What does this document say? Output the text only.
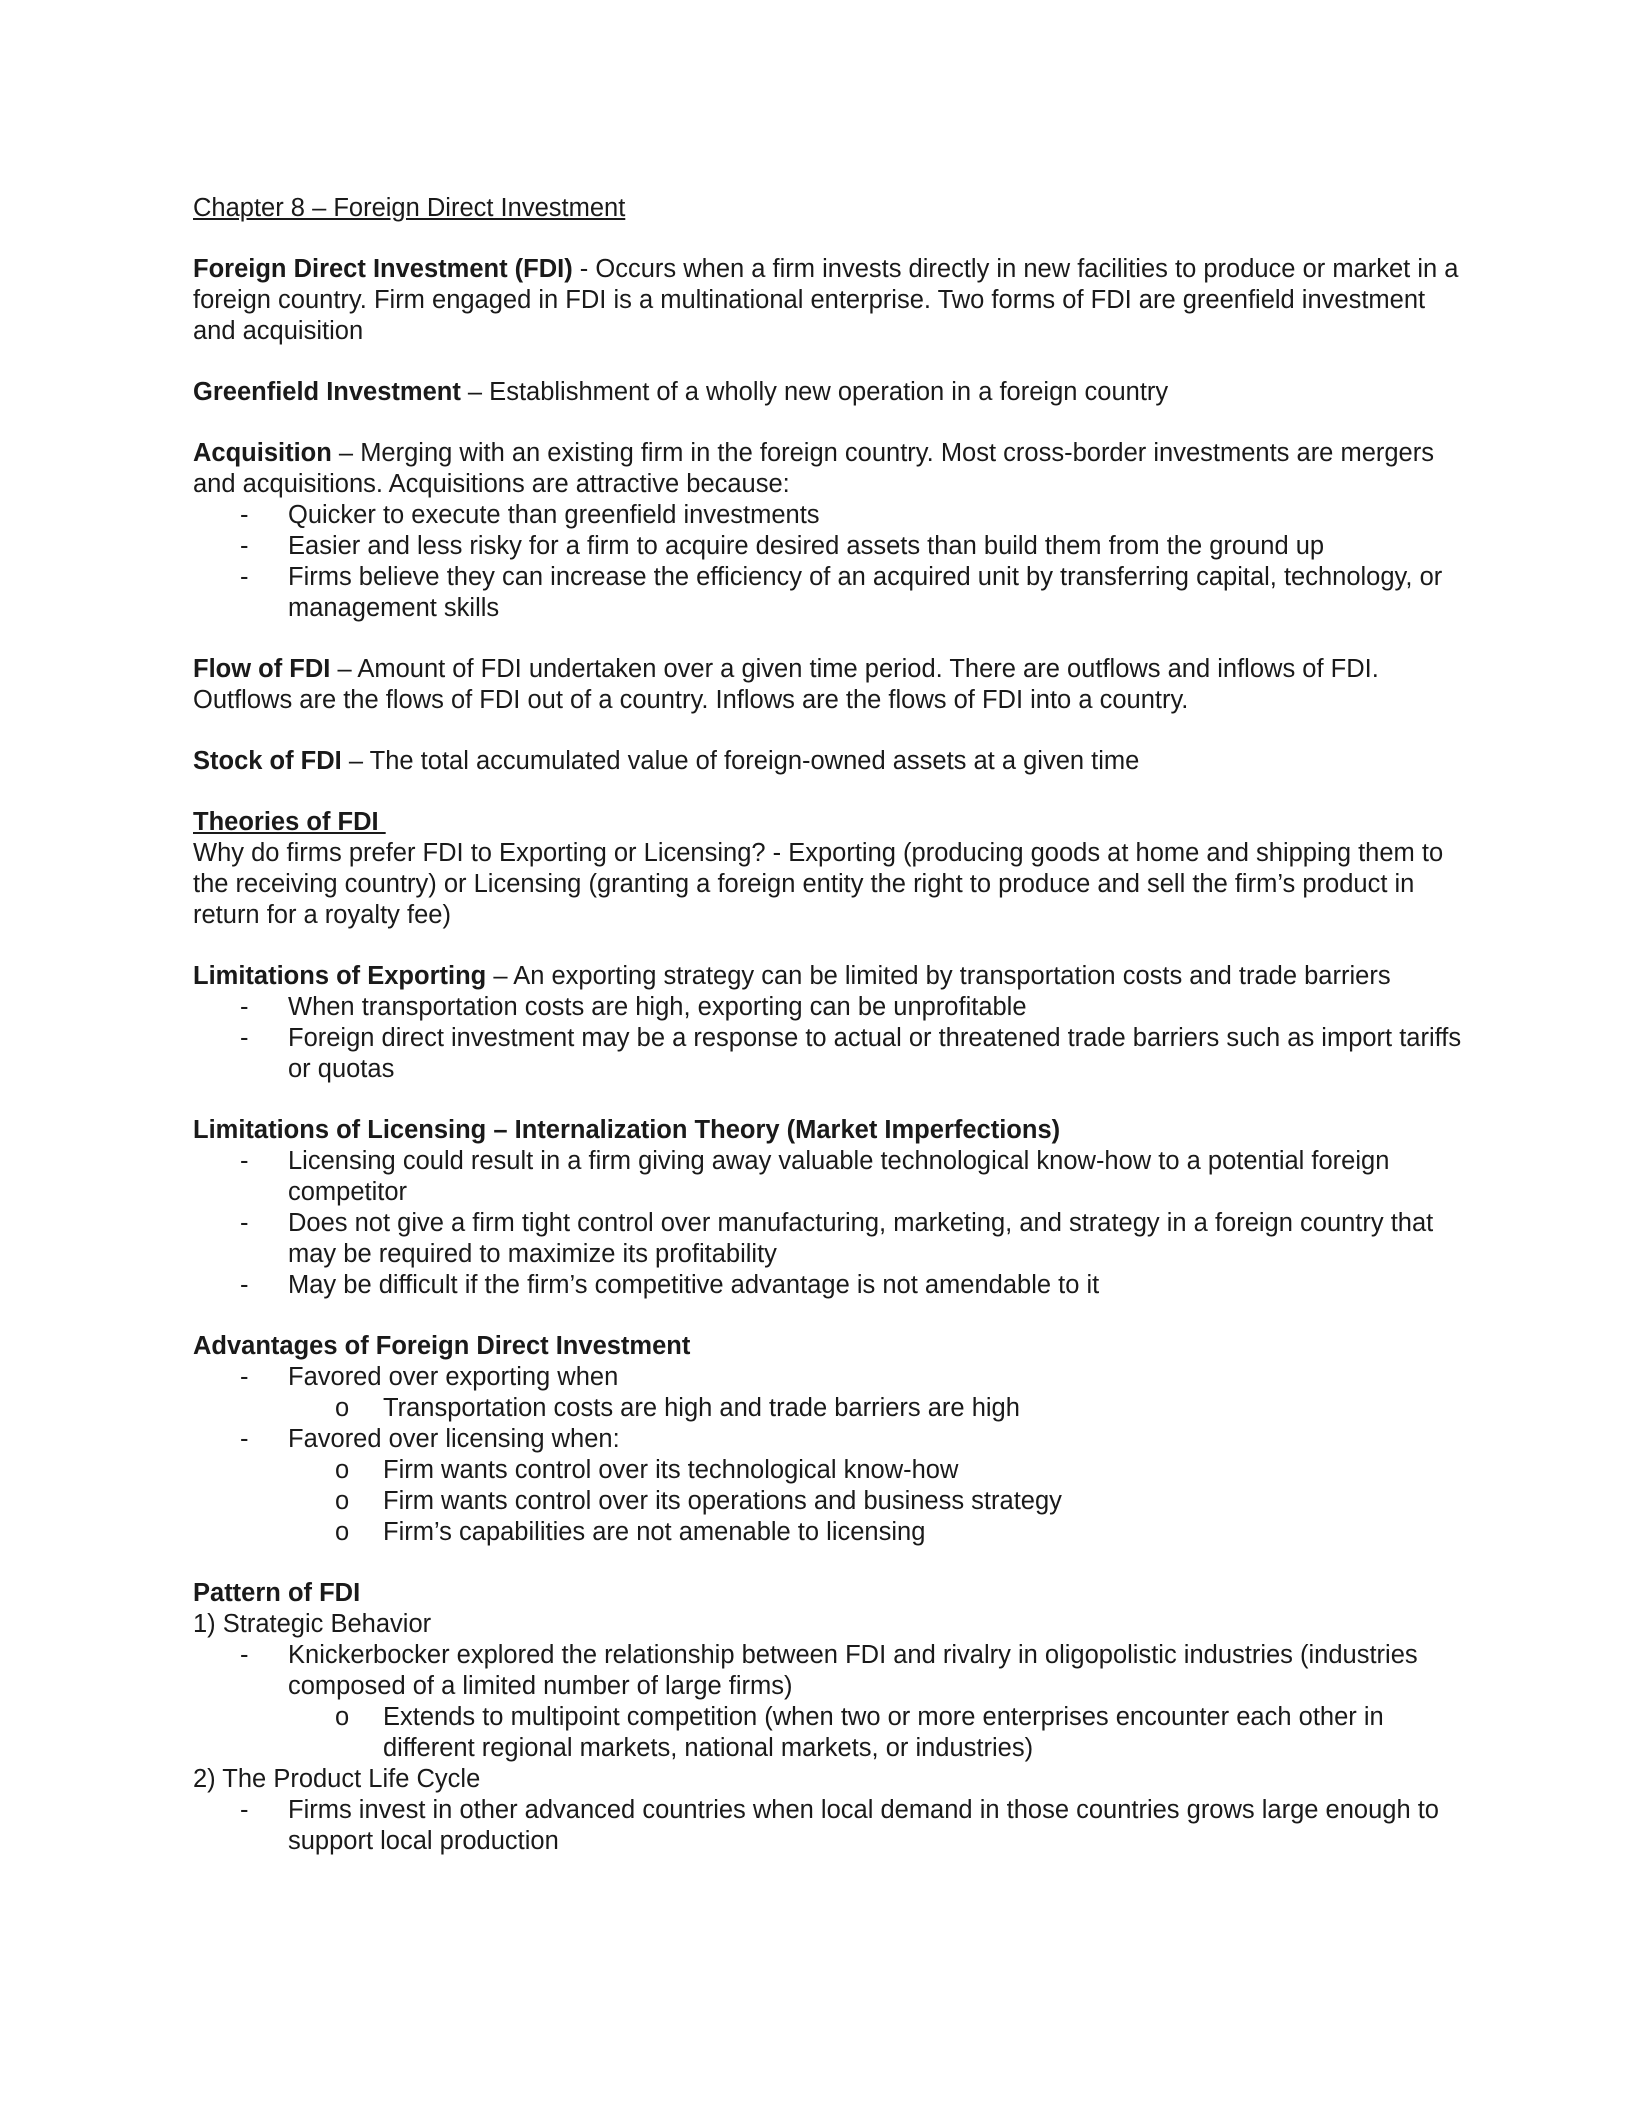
Chapter 8 – Foreign Direct Investment
Foreign Direct Investment (FDI) - Occurs when a firm invests directly in new facilities to produce or market in a foreign country. Firm engaged in FDI is a multinational enterprise. Two forms of FDI are greenfield investment and acquisition
Greenfield Investment – Establishment of a wholly new operation in a foreign country
Acquisition – Merging with an existing firm in the foreign country. Most cross-border investments are mergers and acquisitions. Acquisitions are attractive because:
- Quicker to execute than greenfield investments
- Easier and less risky for a firm to acquire desired assets than build them from the ground up
- Firms believe they can increase the efficiency of an acquired unit by transferring capital, technology, or management skills
Flow of FDI – Amount of FDI undertaken over a given time period. There are outflows and inflows of FDI. Outflows are the flows of FDI out of a country. Inflows are the flows of FDI into a country.
Stock of FDI – The total accumulated value of foreign-owned assets at a given time
Theories of FDI
Why do firms prefer FDI to Exporting or Licensing? - Exporting (producing goods at home and shipping them to the receiving country) or Licensing (granting a foreign entity the right to produce and sell the firm’s product in return for a royalty fee)
Limitations of Exporting – An exporting strategy can be limited by transportation costs and trade barriers
- When transportation costs are high, exporting can be unprofitable
- Foreign direct investment may be a response to actual or threatened trade barriers such as import tariffs or quotas
Limitations of Licensing – Internalization Theory (Market Imperfections)
- Licensing could result in a firm giving away valuable technological know-how to a potential foreign competitor
- Does not give a firm tight control over manufacturing, marketing, and strategy in a foreign country that may be required to maximize its profitability
- May be difficult if the firm’s competitive advantage is not amendable to it
Advantages of Foreign Direct Investment
- Favored over exporting when
o Transportation costs are high and trade barriers are high
- Favored over licensing when:
o Firm wants control over its technological know-how
o Firm wants control over its operations and business strategy
o Firm’s capabilities are not amenable to licensing
Pattern of FDI
1) Strategic Behavior
- Knickerbocker explored the relationship between FDI and rivalry in oligopolistic industries (industries composed of a limited number of large firms)
o Extends to multipoint competition (when two or more enterprises encounter each other in different regional markets, national markets, or industries)
2) The Product Life Cycle
- Firms invest in other advanced countries when local demand in those countries grows large enough to support local production
